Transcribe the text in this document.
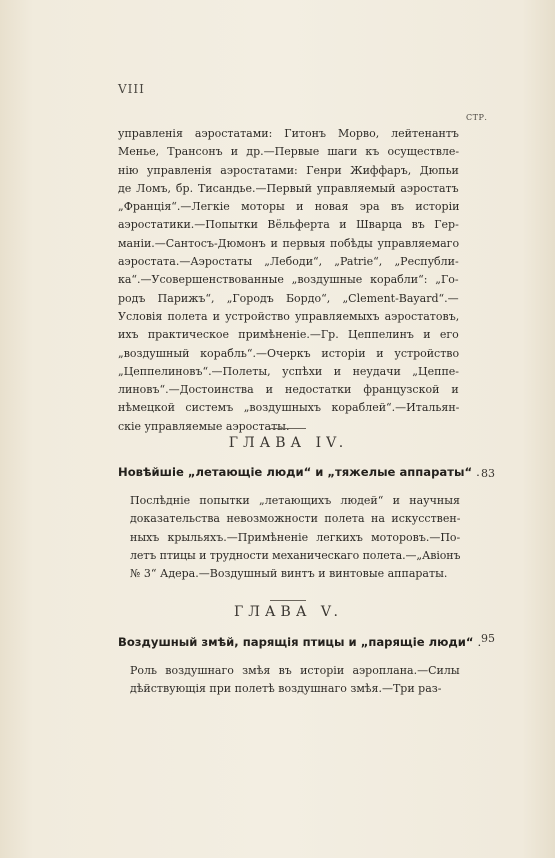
VIII
СТР.
управленія аэростатами: Гитонъ Морво, лейтенантъ
Менье, Трансонъ и др.—Первые шаги къ осуществле-
нію управленія аэростатами: Генри Жиффаръ, Дюпьи
де Ломъ, бр. Тисандье.—Первый управляемый аэростатъ
„Франція“.—Легкіе моторы и новая эра въ исторіи
аэростатики.—Попытки Вёльферта и Шварца въ Гер-
маніи.—Сантосъ-Дюмонъ и первыя побѣды управляемаго
аэростата.—Аэростаты „Лебоди“, „Patrie“, „Республи-
ка“.—Усовершенствованные „воздушные корабли“: „Го-
родъ Парижъ“, „Городъ Бордо“, „Clement-Bayard“.—
Условія полета и устройство управляемыхъ аэростатовъ,
ихъ практическое примѣненіе.—Гр. Цеппелинъ и его
„воздушный корабль“.—Очеркъ исторіи и устройство
„Цеппелиновъ“.—Полеты, успѣхи и неудачи „Цеппе-
линовъ“.—Достоинства и недостатки французской и
нѣмецкой системъ „воздушныхъ кораблей“.—Итальян-
скіе управляемые аэростаты.
ГЛАВА IV.
Новѣйшіе „летающіе люди“ и „тяжелые аппараты“ . 83
Послѣдніе попытки „летающихъ людей“ и научныя
доказательства невозможности полета на искусствен-
ныхъ крыльяхъ.—Примѣненіе легкихъ моторовъ.—По-
летъ птицы и трудности механическаго полета.—„Авіонъ
№ 3“ Адера.—Воздушный винтъ и винтовые аппараты.
ГЛАВА V.
Воздушный змѣй, парящія птицы и „парящіе люди“ . 95
Роль воздушнаго змѣя въ исторіи аэроплана.—Силы
дѣйствующія при полетѣ воздушнаго змѣя.—Три раз-
